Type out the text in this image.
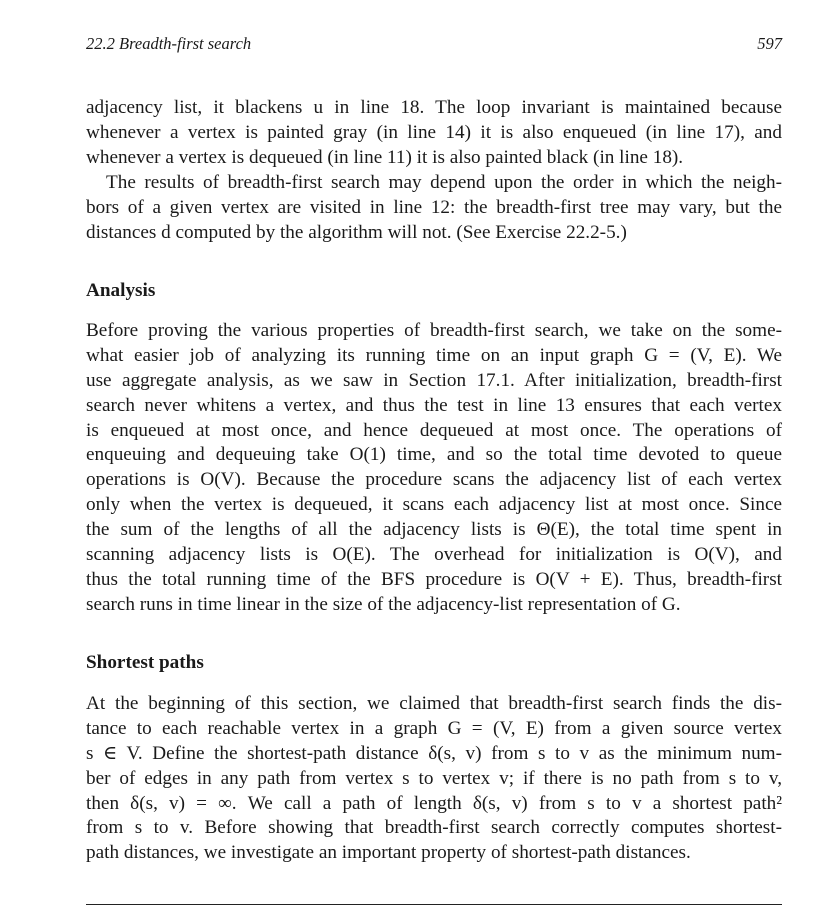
22.2 Breadth-first search	597
adjacency list, it blackens u in line 18. The loop invariant is maintained because
whenever a vertex is painted gray (in line 14) it is also enqueued (in line 17), and
whenever a vertex is dequeued (in line 11) it is also painted black (in line 18).
The results of breadth-first search may depend upon the order in which the neigh-
bors of a given vertex are visited in line 12: the breadth-first tree may vary, but the
distances d computed by the algorithm will not. (See Exercise 22.2-5.)
Analysis
Before proving the various properties of breadth-first search, we take on the some-
what easier job of analyzing its running time on an input graph G = (V, E). We
use aggregate analysis, as we saw in Section 17.1. After initialization, breadth-first
search never whitens a vertex, and thus the test in line 13 ensures that each vertex
is enqueued at most once, and hence dequeued at most once. The operations of
enqueuing and dequeuing take O(1) time, and so the total time devoted to queue
operations is O(V). Because the procedure scans the adjacency list of each vertex
only when the vertex is dequeued, it scans each adjacency list at most once. Since
the sum of the lengths of all the adjacency lists is Θ(E), the total time spent in
scanning adjacency lists is O(E). The overhead for initialization is O(V), and
thus the total running time of the BFS procedure is O(V + E). Thus, breadth-first
search runs in time linear in the size of the adjacency-list representation of G.
Shortest paths
At the beginning of this section, we claimed that breadth-first search finds the dis-
tance to each reachable vertex in a graph G = (V, E) from a given source vertex
s ∈ V. Define the shortest-path distance δ(s, v) from s to v as the minimum num-
ber of edges in any path from vertex s to vertex v; if there is no path from s to v,
then δ(s, v) = ∞. We call a path of length δ(s, v) from s to v a shortest path²
from s to v. Before showing that breadth-first search correctly computes shortest-
path distances, we investigate an important property of shortest-path distances.
